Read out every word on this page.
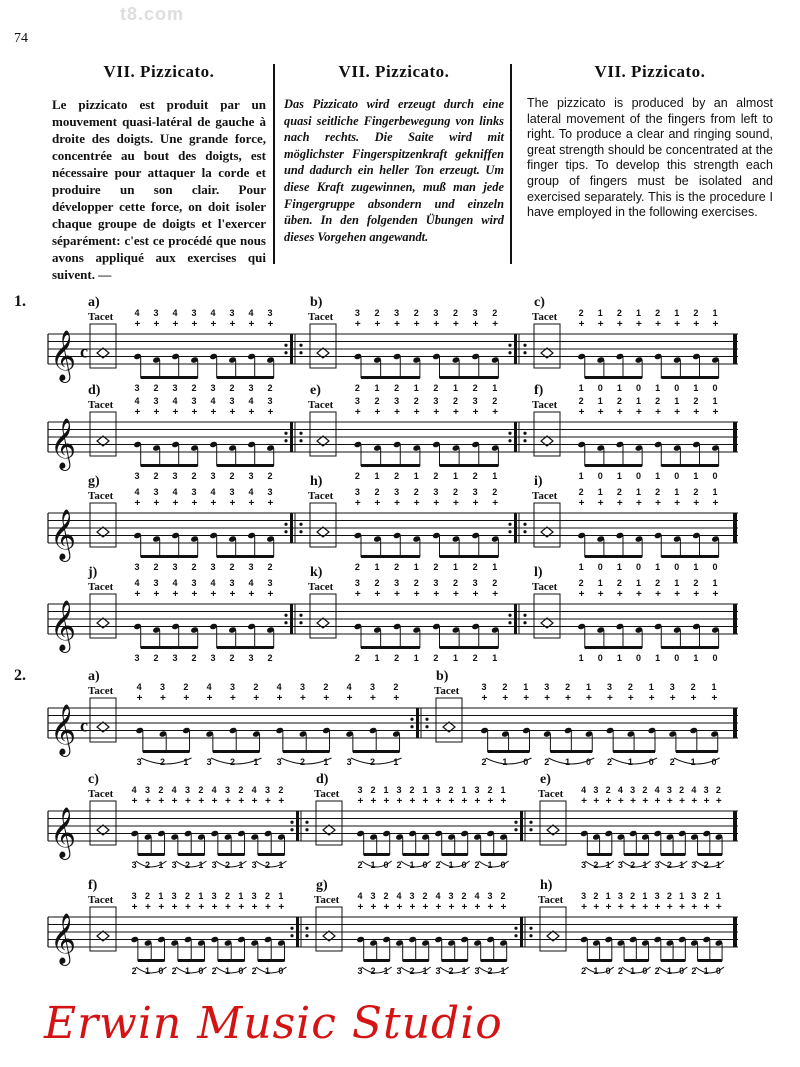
t8.com
74
VII. Pizzicato.

Le pizzicato est produit par un mouvement quasi-latéral de gauche à droite des doigts. Une grande force, concentrée au bout des doigts, est nécessaire pour attaquer la corde et produire un son clair. Pour développer cette force, on doit isoler chaque groupe de doigts et l'exercer séparément: c'est ce procédé que nous avons appliqué aux exercises qui suivent. —

VII. Pizzicato.

Das Pizzicato wird erzeugt durch eine quasi seitliche Fingerbewegung von links nach rechts. Die Saite wird mit möglichster Fingerspitzenkraft gekniffen und dadurch ein heller Ton erzeugt. Um diese Kraft zugewinnen, muß man jede Fingergruppe absondern und einzeln üben. In den folgenden Übungen wird dieses Vorgehen angewandt.

VII. Pizzicato.

The pizzicato is produced by an almost lateral movement of the fingers from left to right. To produce a clear and ringing sound, great strength should be concentrated at the finger tips. To develop this strength each group of fingers must be isolated and exercised separately. This is the procedure I have employed in the following exercises.

𝄞 c
1.	a)
Tacet 4
+
3
3
+
2
4
+
3
3
+
2
4
+
3
3
+
2
4
+
3
3
+
2
b)
Tacet 3
+
2
2
+
1
3
+
2
2
+
1
3
+
2
2
+
1
3
+
2
2
+
1
c)
Tacet 2
+
1
1
+
0
2
+
1
1
+
0
2
+
1
1
+
0
2
+
1
1
+
0
𝄞
d)
Tacet 4
+
3
3
+
2
4
+
3
3
+
2
4
+
3
3
+
2
4
+
3
3
+
2
e)
Tacet 3
+
2
2
+
1
3
+
2
2
+
1
3
+
2
2
+
1
3
+
2
2
+
1
f)
Tacet 2
+
1
1
+
0
2
+
1
1
+
0
2
+
1
1
+
0
2
+
1
1
+
0
𝄞
g)
Tacet 4
+
3
3
+
2
4
+
3
3
+
2
4
+
3
3
+
2
4
+
3
3
+
2
h)
Tacet 3
+
2
2
+
1
3
+
2
2
+
1
3
+
2
2
+
1
3
+
2
2
+
1
i)
Tacet 2
+
1
1
+
0
2
+
1
1
+
0
2
+
1
1
+
0
2
+
1
1
+
0
𝄞
j)
Tacet 4
+
3
3
+
2
4
+
3
3
+
2
4
+
3
3
+
2
4
+
3
3
+
2
k)
Tacet 3
+
2
2
+
1
3
+
2
2
+
1
3
+
2
2
+
1
3
+
2
2
+
1
l)
Tacet 2
+
1
1
+
0
2
+
1
1
+
0
2
+
1
1
+
0
2
+
1
1
+
0
𝄞 c
2.	a)
Tacet	4
+
3
3
+
2
2
+
1
4
+
3
3
+
2
2
+
1
4
+
3
3
+
2
2
+
1
4
+
3
3
+
2
2
+
1
b)
Tacet 3
+
2
2
+
1
1
+
0
3
+
2
2
+
1
1
+
0
3
+
2
2
+
1
1
+
0
3
+
2
2
+
1
1
+
0
𝄞
c)
Tacet 4
+
3
3
+
2
2
+
1
4
+
3
3
+
2
2
+
1
4
+
3
3
+
2
2
+
1
4
+
3
3
+
2
2
+
1
d)
Tacet 3
+
2
2
+
1
1
+
0
3
+
2
2
+
1
1
+
0
3
+
2
2
+
1
1
+
0
3
+
2
2
+
1
1
+
0
e)
Tacet 4
+
3
3
+
2
2
+
1
4
+
3
3
+
2
2
+
1
4
+
3
3
+
2
2
+
1
4
+
3
3
+
2
2
+
1
𝄞
f)
Tacet 3
+
2
2
+
1
1
+
0
3
+
2
2
+
1
1
+
0
3
+
2
2
+
1
1
+
0
3
+
2
2
+
1
1
+
0
g)
Tacet 4
+
3
3
+
2
2
+
1
4
+
3
3
+
2
2
+
1
4
+
3
3
+
2
2
+
1
4
+
3
3
+
2
2
+
1
h)
Tacet 3
+
2
2
+
1
1
+
0
3
+
2
2
+
1
1
+
0
3
+
2
2
+
1
1
+
0
3
+
2
2
+
1
1
+
0
Erwin Music Studio
